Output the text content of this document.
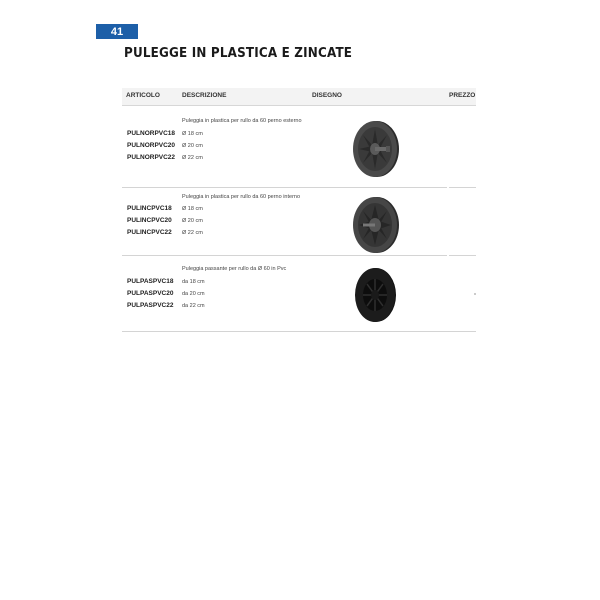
41
PULEGGE IN PLASTICA E ZINCATE
ARTICOLO	DESCRIZIONE	DISEGNO	PREZZO
Puleggia in plastica per rullo da 60 perno esterno
PULNORPVC18 Ø 18 cm
PULNORPVC20 Ø 20 cm
PULNORPVC22 Ø 22 cm
Puleggia in plastica per rullo da 60 perno interno
PULINCPVC18 Ø 18 cm
PULINCPVC20 Ø 20 cm
PULINCPVC22 Ø 22 cm
Puleggia passante per rullo da Ø 60 in Pvc
PULPASPVC18 da 18 cm
PULPASPVC20 da 20 cm
PULPASPVC22 da 22 cm
